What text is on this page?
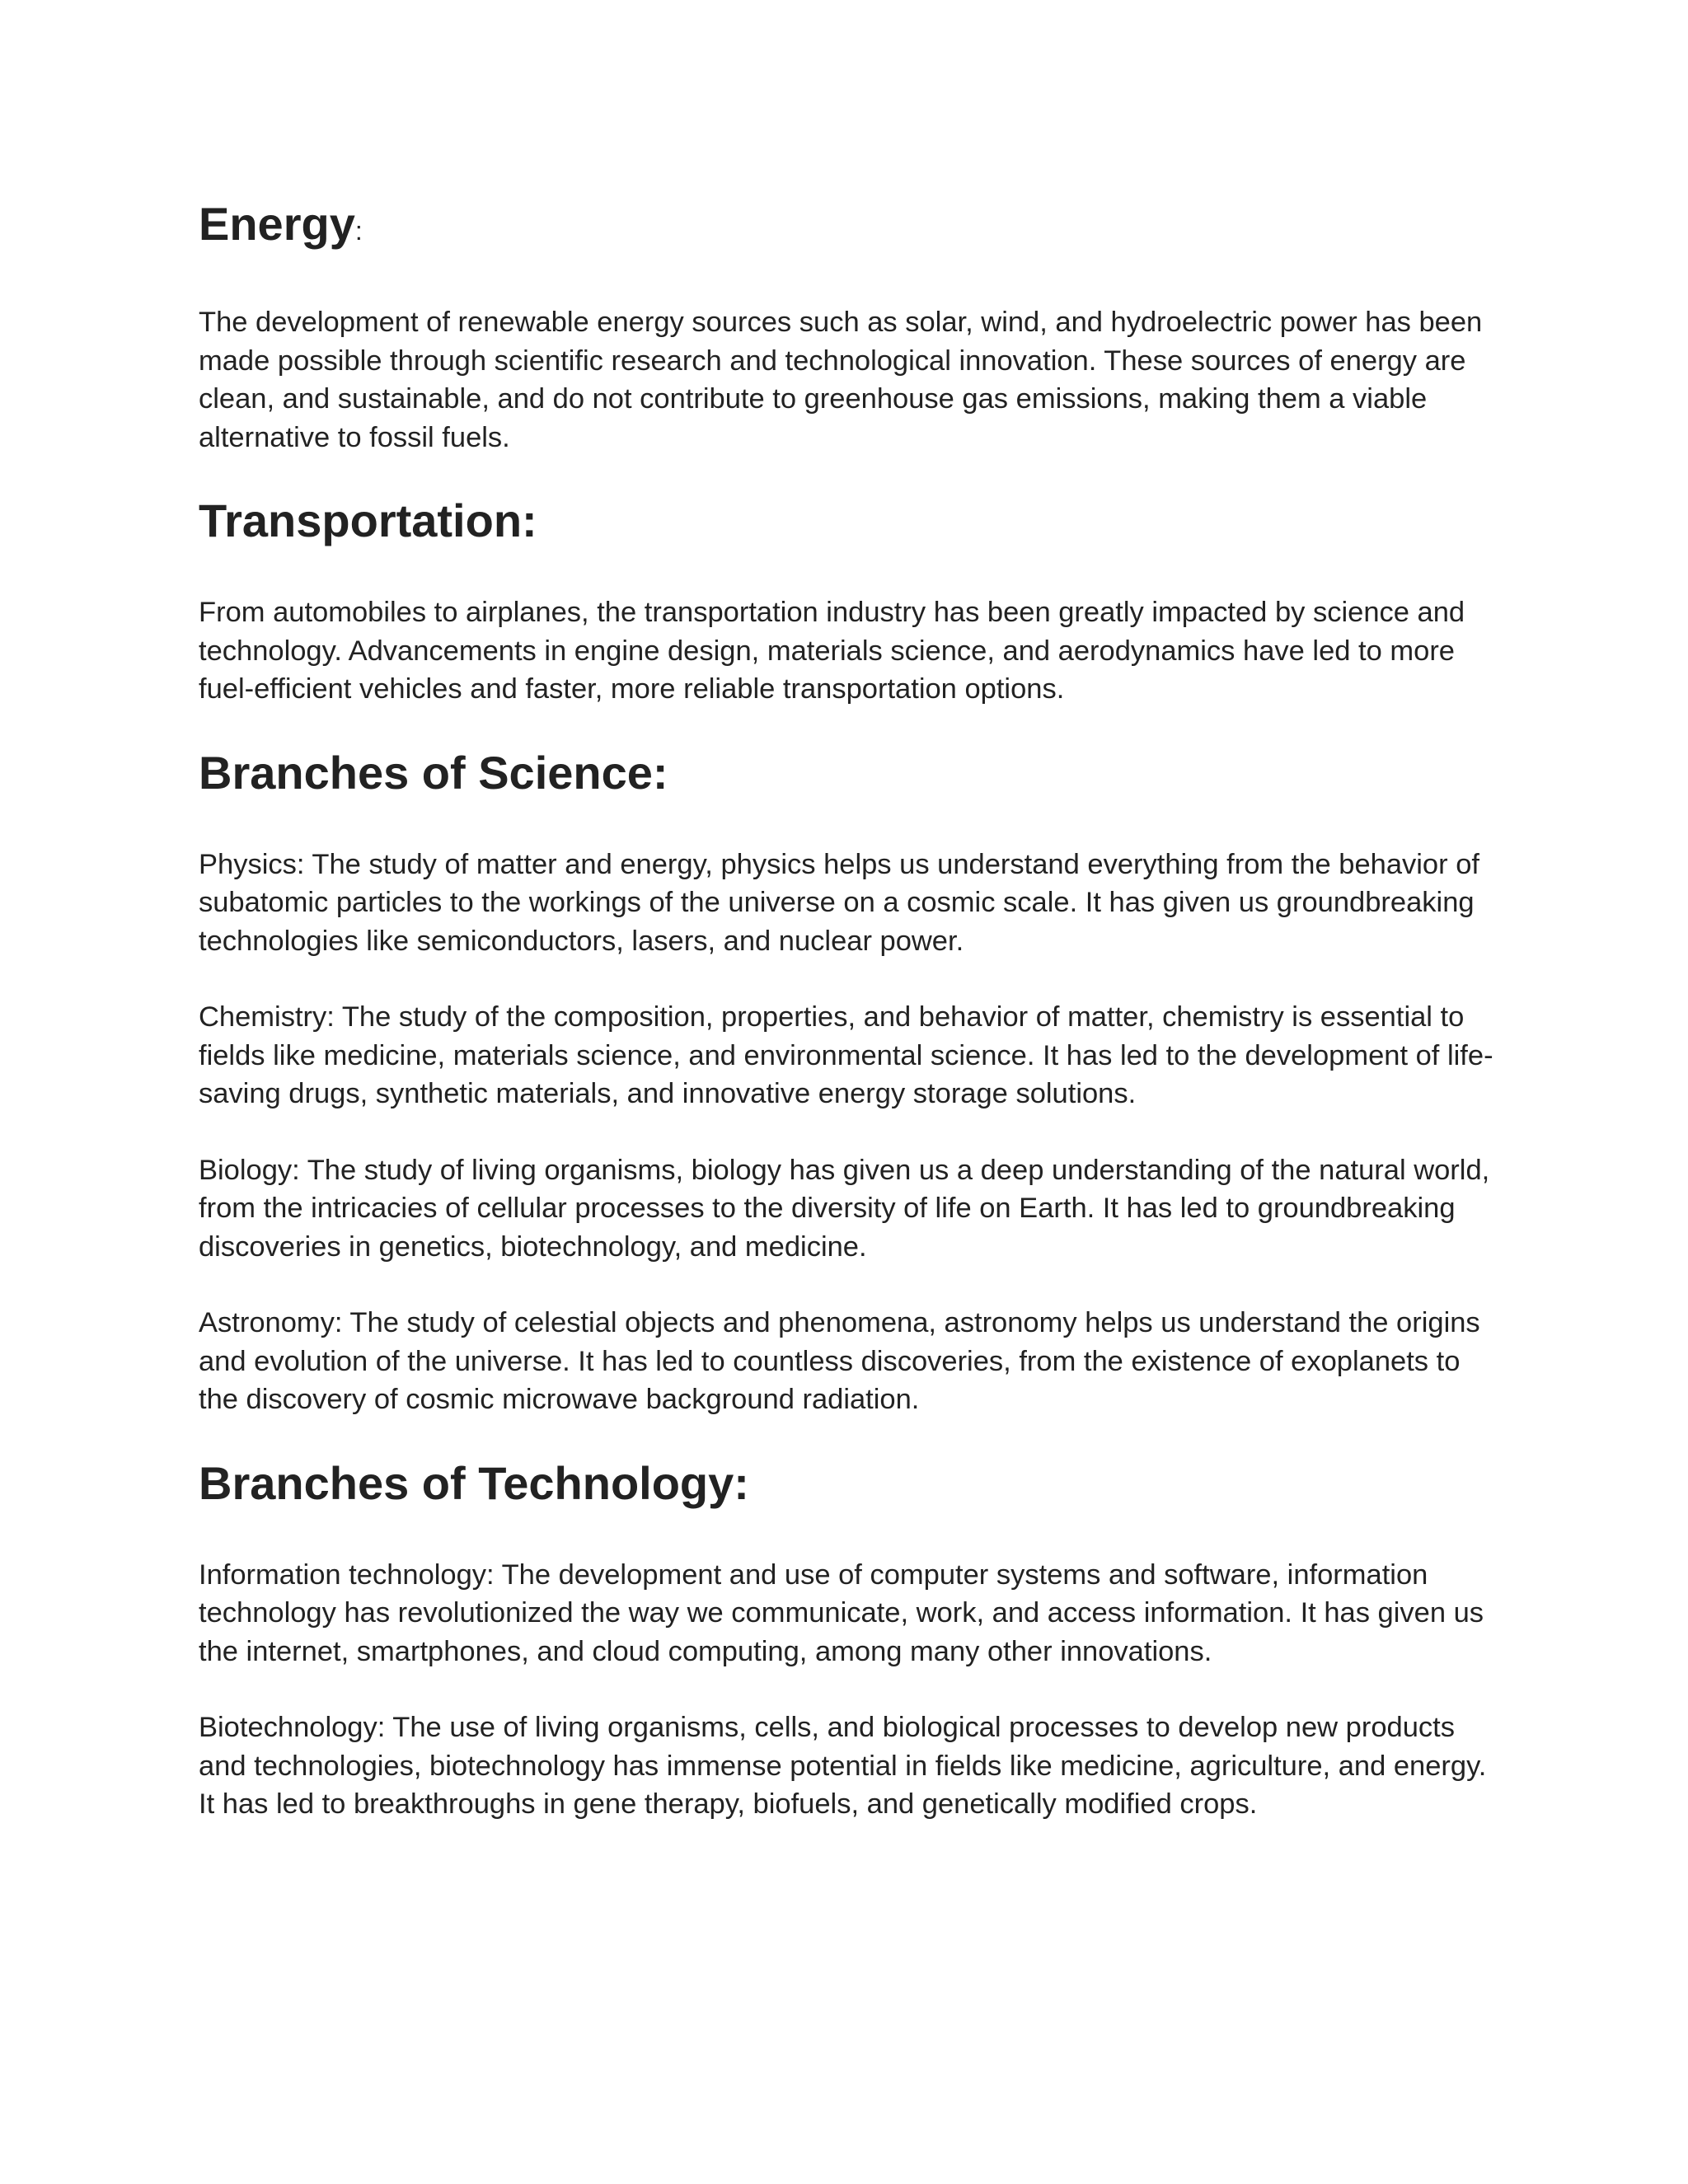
Energy:

The development of renewable energy sources such as solar, wind, and hydroelectric power has been made possible through scientific research and technological innovation. These sources of energy are clean, and sustainable, and do not contribute to greenhouse gas emissions, making them a viable alternative to fossil fuels.

Transportation:

From automobiles to airplanes, the transportation industry has been greatly impacted by science and technology. Advancements in engine design, materials science, and aerodynamics have led to more fuel-efficient vehicles and faster, more reliable transportation options.

Branches of Science:

Physics: The study of matter and energy, physics helps us understand everything from the behavior of subatomic particles to the workings of the universe on a cosmic scale. It has given us groundbreaking technologies like semiconductors, lasers, and nuclear power.

Chemistry: The study of the composition, properties, and behavior of matter, chemistry is essential to fields like medicine, materials science, and environmental science. It has led to the development of life-saving drugs, synthetic materials, and innovative energy storage solutions.

Biology: The study of living organisms, biology has given us a deep understanding of the natural world, from the intricacies of cellular processes to the diversity of life on Earth. It has led to groundbreaking discoveries in genetics, biotechnology, and medicine.

Astronomy: The study of celestial objects and phenomena, astronomy helps us understand the origins and evolution of the universe. It has led to countless discoveries, from the existence of exoplanets to the discovery of cosmic microwave background radiation.

Branches of Technology:

Information technology: The development and use of computer systems and software, information technology has revolutionized the way we communicate, work, and access information. It has given us the internet, smartphones, and cloud computing, among many other innovations.

Biotechnology: The use of living organisms, cells, and biological processes to develop new products and technologies, biotechnology has immense potential in fields like medicine, agriculture, and energy. It has led to breakthroughs in gene therapy, biofuels, and genetically modified crops.
